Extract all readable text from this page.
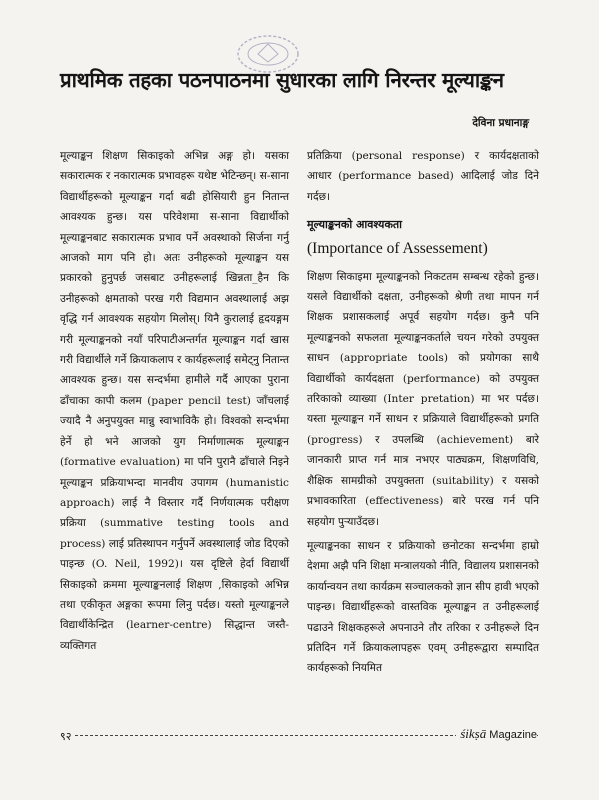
प्राथमिक तहका पठनपाठनमा सुधारका लागि निरन्तर मूल्याङ्कन

देविना प्रधानाङ्ग

मूल्याङ्कन शिक्षण सिकाइको अभिन्न अङ्ग हो। यसका सकारात्मक र नकारात्मक प्रभावहरू यथेष्ट भेटिन्छन्। स-साना विद्यार्थीहरूको मूल्याङ्कन गर्दा बढी होसियारी हुन नितान्त आवश्यक हुन्छ। यस परिवेशमा स-साना विद्यार्थीको मूल्याङ्कनबाट सकारात्मक प्रभाव पर्ने अवस्थाको सिर्जना गर्नु आजको माग पनि हो। अतः उनीहरूको मूल्याङ्कन यस प्रकारको हुनुपर्छ जसबाट उनीहरूलाई खिन्नता_हैन कि उनीहरूको क्षमताको परख गरी विद्यमान अवस्थालाई अझ वृद्धि गर्न आवश्यक सहयोग मिलोस्। यिनै कुरालाई हृदयङ्गम गरी मूल्याङ्कनको नयाँ परिपाटीअन्तर्गत मूल्याङ्कन गर्दा खास गरी विद्यार्थीले गर्ने क्रियाकलाप र कार्यहरूलाई समेट्नु नितान्त आवश्यक हुन्छ। यस सन्दर्भमा हामीले गर्दै आएका पुराना ढाँचाका कापी कलम (paper pencil test) जाँचलाई ज्यादै नै अनुपयुक्त मान्नु स्वाभाविकै हो। विश्वको सन्दर्भमा हेर्ने हो भने आजको युग निर्माणात्मक मूल्याङ्कन (formative evaluation) मा पनि पुरानै ढाँचाले निइने मूल्याङ्कन प्रक्रियाभन्दा मानवीय उपागम (humanistic approach) लाई नै विस्तार गर्दै निर्णयात्मक परीक्षण प्रक्रिया (summative testing tools and process) लाई प्रतिस्थापन गर्नुपर्ने अवस्थालाई जोड दिएको पाइन्छ (O. Neil, 1992)। यस दृष्टिले हेर्दा विद्यार्थी सिकाइको क्रममा मूल्याङ्कनलाई शिक्षण ,सिकाइको अभिन्न तथा एकीकृत अङ्गका रूपमा लिनु पर्दछ। यस्तो मूल्याङ्कनले विद्यार्थीकेन्द्रित (learner-centre) सिद्धान्त जस्तै- व्यक्तिगत

प्रतिक्रिया (personal response) र कार्यदक्षताको आधार (performance based) आदिलाई जोड दिने गर्दछ।

मूल्याङ्कनको आवश्यकता
(Importance of Assessement)

शिक्षण सिकाइमा मूल्याङ्कनको निकटतम सम्बन्ध रहेको हुन्छ। यसले विद्यार्थीको दक्षता, उनीहरूको श्रेणी तथा मापन गर्न शिक्षक प्रशासकलाई अपूर्व सहयोग गर्दछ। कुनै पनि मूल्याङ्कनको सफलता मूल्याङ्कनकर्ताले चयन गरेको उपयुक्त साधन (appropriate tools) को प्रयोगका साथै विद्यार्थीको कार्यदक्षता (performance) को उपयुक्त तरिकाको व्याख्या (Inter pretation) मा भर पर्दछ। यस्ता मूल्याङ्कन गर्ने साधन र प्रक्रियाले विद्यार्थीहरूको प्रगति (progress) र उपलब्धि (achievement) बारे जानकारी प्राप्त गर्न मात्र नभएर पाठ्यक्रम, शिक्षणविधि, शैक्षिक सामग्रीको उपयुक्तता (suitability) र यसको प्रभावकारिता (effectiveness) बारे परख गर्न पनि सहयोग पुऱ्याउँदछ।

मूल्याङ्कनका साधन र प्रक्रियाको छनोटका सन्दर्भमा हाम्रो देशमा अझै पनि शिक्षा मन्त्रालयको नीति, विद्यालय प्रशासनको कार्यान्वयन तथा कार्यक्रम सञ्चालकको ज्ञान सीप हावी भएको पाइन्छ। विद्यार्थीहरूको वास्तविक मूल्याङ्कन त उनीहरूलाई पढाउने शिक्षकहरूले अपनाउने तौर तरिका र उनीहरूले दिन प्रतिदिन गर्ने क्रियाकलापहरू एवम् उनीहरूद्वारा सम्पादित कार्यहरूको नियमित

९२	śikṣā Magazine
